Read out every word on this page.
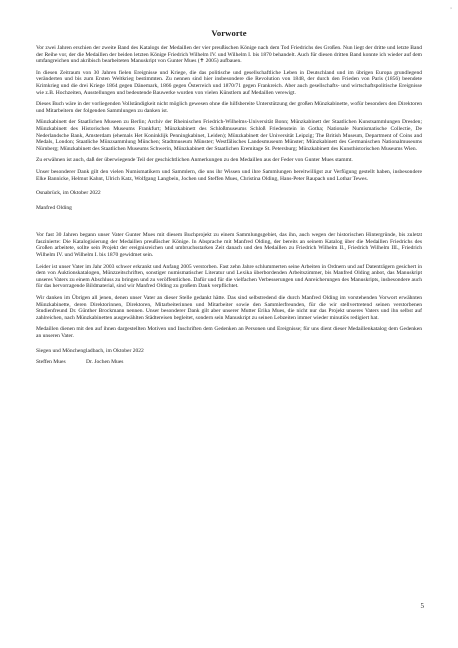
‚
Vorworte

Vor zwei Jahren erschien der zweite Band des Katalogs der Medaillen der vier preußischen Könige nach dem Tod Friedrichs des Großen. Nun liegt der dritte und letzte Band der Reihe vor, der die Medaillen der beiden letzten Könige Friedrich Wilhelm IV. und Wilhelm I. bis 1870 behandelt. Auch für diesen dritten Band konnte ich wieder auf dem umfangreichen und akribisch bearbeiteten Manuskript von Gunter Mues (✝ 2005) aufbauen.

In diesen Zeitraum von 30 Jahren fielen Ereignisse und Kriege, die das politische und gesellschaftliche Leben in Deutschland und im übrigen Europa grundlegend veränderten und bis zum Ersten Weltkrieg bestimmten. Zu nennen sind hier insbesondere die Revolution von 1848, der durch den Frieden von Paris (1856) beendete Krimkrieg und die drei Kriege 1864 gegen Dänemark, 1866 gegen Österreich und 1870/71 gegen Frankreich. Aber auch gesellschafts- und wirtschaftspolitische Ereignisse wie z.B. Hochzeiten, Ausstellungen und bedeutende Bauwerke wurden von vielen Künstlern auf Medaillen verewigt.

Dieses Buch wäre in der vorliegenden Vollständigkeit nicht möglich gewesen ohne die hilfsbereite Unterstützung der großen Münzkabinette, wofür besonders den Direktoren und Mitarbeitern der folgenden Sammlungen zu danken ist.

Münzkabinett der Staatlichen Museen zu Berlin; Archiv der Rheinischen Friedrich-Wilhelms-Universität Bonn; Münzkabinett der Staatlichen Kunstsammlungen Dresden; Münzkabinett des Historischen Museums Frankfurt; Münzkabinett des Schloßmuseums Schloß Friedenstein in Gotha; Nationale Numismatische Collectie, De Nederlandsche Bank, Amsterdam (ehemals Het Koninklijk Penningkabinet, Leiden); Münzkabinett der Universität Leipzig; The British Museum, Department of Coins and Medals, London; Staatliche Münzsammlung München; Stadtmuseum Münster; Westfälisches Landesmuseum Münster; Münzkabinett des Germanischen Nationalmuseums Nürnberg; Münzkabinett des Staatlichen Museums Schwerin, Münzkabinett der Staatlichen Eremitage St. Petersburg; Münzkabinett des Kunsthistorischen Museums Wien.

Zu erwähnen ist auch, daß der überwiegende Teil der geschichtlichen Anmerkungen zu den Medaillen aus der Feder von Gunter Mues stammt.

Unser besonderer Dank gilt den vielen Numismatikern und Sammlern, die uns ihr Wissen und ihre Sammlungen bereitwilligst zur Verfügung gestellt haben, insbesondere Elke Bannicke, Helmut Kahnt, Ulrich Katz, Wolfgang Langbein, Jochen und Steffen Mues, Christina Olding, Hans-Peter Raupach und Lothar Tewes.

Osnabrück, im Oktober 2022
Manfred Olding

Vor fast 30 Jahren begann unser Vater Gunter Mues mit diesem Buchprojekt zu einem Sammlungsgebiet, das ihn, auch wegen der historischen Hintergründe, bis zuletzt faszinierte: Die Katalogisierung der Medaillen preußischer Könige. In Absprache mit Manfred Olding, der bereits an seinem Katalog über die Medaillen Friedrichs des Großen arbeitete, sollte sein Projekt der ereignisreichen und umbruchsstarken Zeit danach und den Medaillen zu Friedrich Wilhelm II., Friedrich Wilhelm III., Friedrich Wilhelm IV. und Wilhelm I. bis 1870 gewidmet sein.

Leider ist unser Vater im Jahr 2003 schwer erkrankt und Anfang 2005 verstorben. Fast zehn Jahre schlummerten seine Arbeiten in Ordnern und auf Datenträgern gesichert in dem von Auktionskatalogen, Münzzeitschriften, sonstiger numismatischer Literatur und Lexika überbordenden Arbeitszimmer, bis Manfred Olding anbot, das Manuskript unseres Vaters zu einem Abschluss zu bringen und zu veröffentlichen. Dafür und für die vielfachen Verbesserungen und Anreicherungen des Manuskripts, insbesondere auch für das hervorragende Bildmaterial, sind wir Manfred Olding zu großem Dank verpflichtet.

Wir danken im Übrigen all jenen, denen unser Vater an dieser Stelle gedankt hätte. Das sind selbstredend die durch Manfred Olding im vorstehenden Vorwort erwähnten Münzkabinette, deren Direktorinnen, Direktoren, Mitarbeiterinnen und Mitarbeiter sowie den Sammlerfreunden, für die wir stellvertretend seinen verstorbenen Studienfreund Dr. Günther Brockmann nennen. Unser besonderer Dank gilt aber unserer Mutter Erika Mues, die nicht nur das Projekt unseres Vaters und ihn selbst auf zahlreichen, nach Münzkabinetten ausgewählten Städtereisen begleitet, sondern sein Manuskript zu seinen Lebzeiten immer wieder minutiös redigiert hat.

Medaillen dienen mit den auf ihnen dargestellten Motiven und Inschriften dem Gedenken an Personen und Ereignisse; für uns dient dieser Medaillenkatalog dem Gedenken an unseren Vater.

Siegen und Mönchengladbach, im Oktober 2022
Steffen Mues	Dr. Jochen Mues
5
